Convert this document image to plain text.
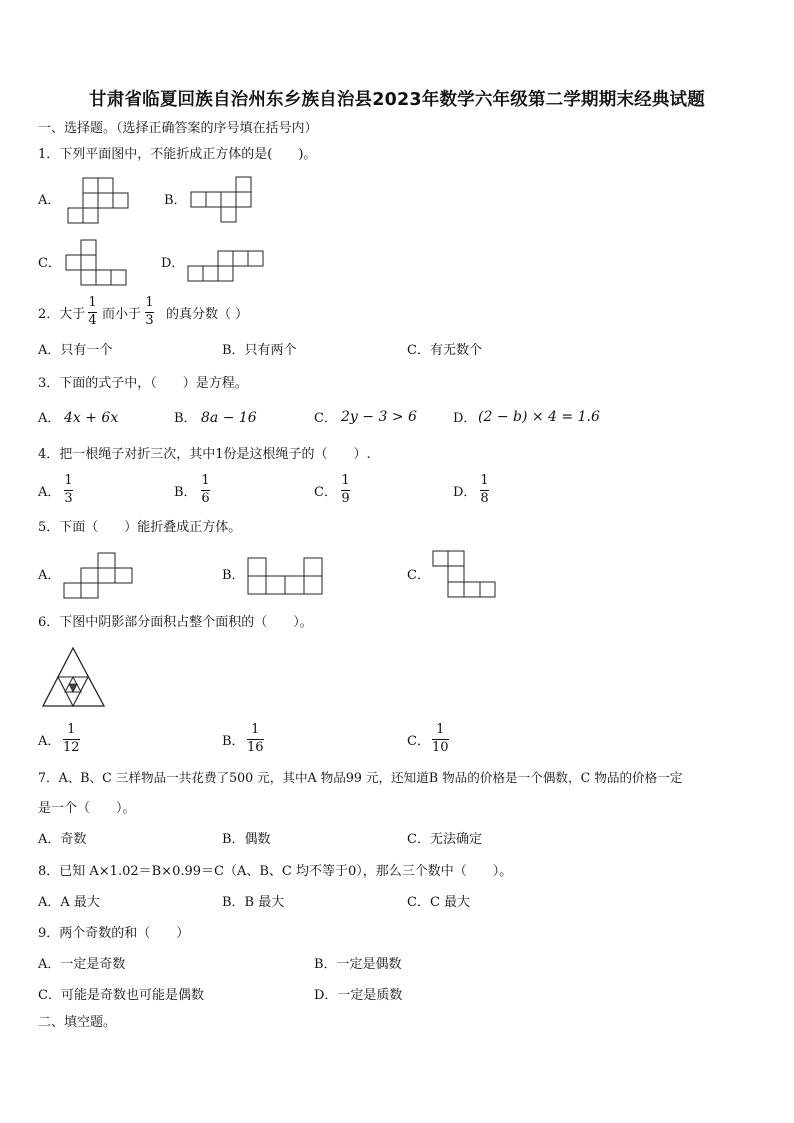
甘肃省临夏回族自治州东乡族自治县2023年数学六年级第二学期期末经典试题
一、选择题。（选择正确答案的序号填在括号内）
1．下列平面图中，不能折成正方体的是(　　)。
A．	B．
C．	D．
2．大于
1
4 而小于
1
3 的真分数（ ）
A．只有一个	B．只有两个	C．有无数个
3．下面的式子中，（　　）是方程。
A． 4x + 6x	B． 8a − 16	C． 2y − 3 > 6	D． (2 − b) × 4 = 1.6
4．把一根绳子对折三次，其中1份是这根绳子的（　　）.
A．
1
3	B．
1
6	C．
1
9	D．
1
8
5．下面（　　）能折叠成正方体。
A．	B．	C．
6．下图中阴影部分面积占整个面积的（　　）。
A．
1
12	B．
1
16	C．
1
10
7．A、B、C 三样物品一共花费了500 元，其中A 物品99 元，还知道B 物品的价格是一个偶数，C 物品的价格一定
是一个（　　）。
A．奇数	B．偶数	C．无法确定
8．已知 A×1.02＝B×0.99＝C（A、B、C 均不等于0），那么三个数中（　　）。
A．A 最大	B．B 最大	C．C 最大
9．两个奇数的和（　　）
A．一定是奇数	B．一定是偶数
C．可能是奇数也可能是偶数	D．一定是质数
二、填空题。
